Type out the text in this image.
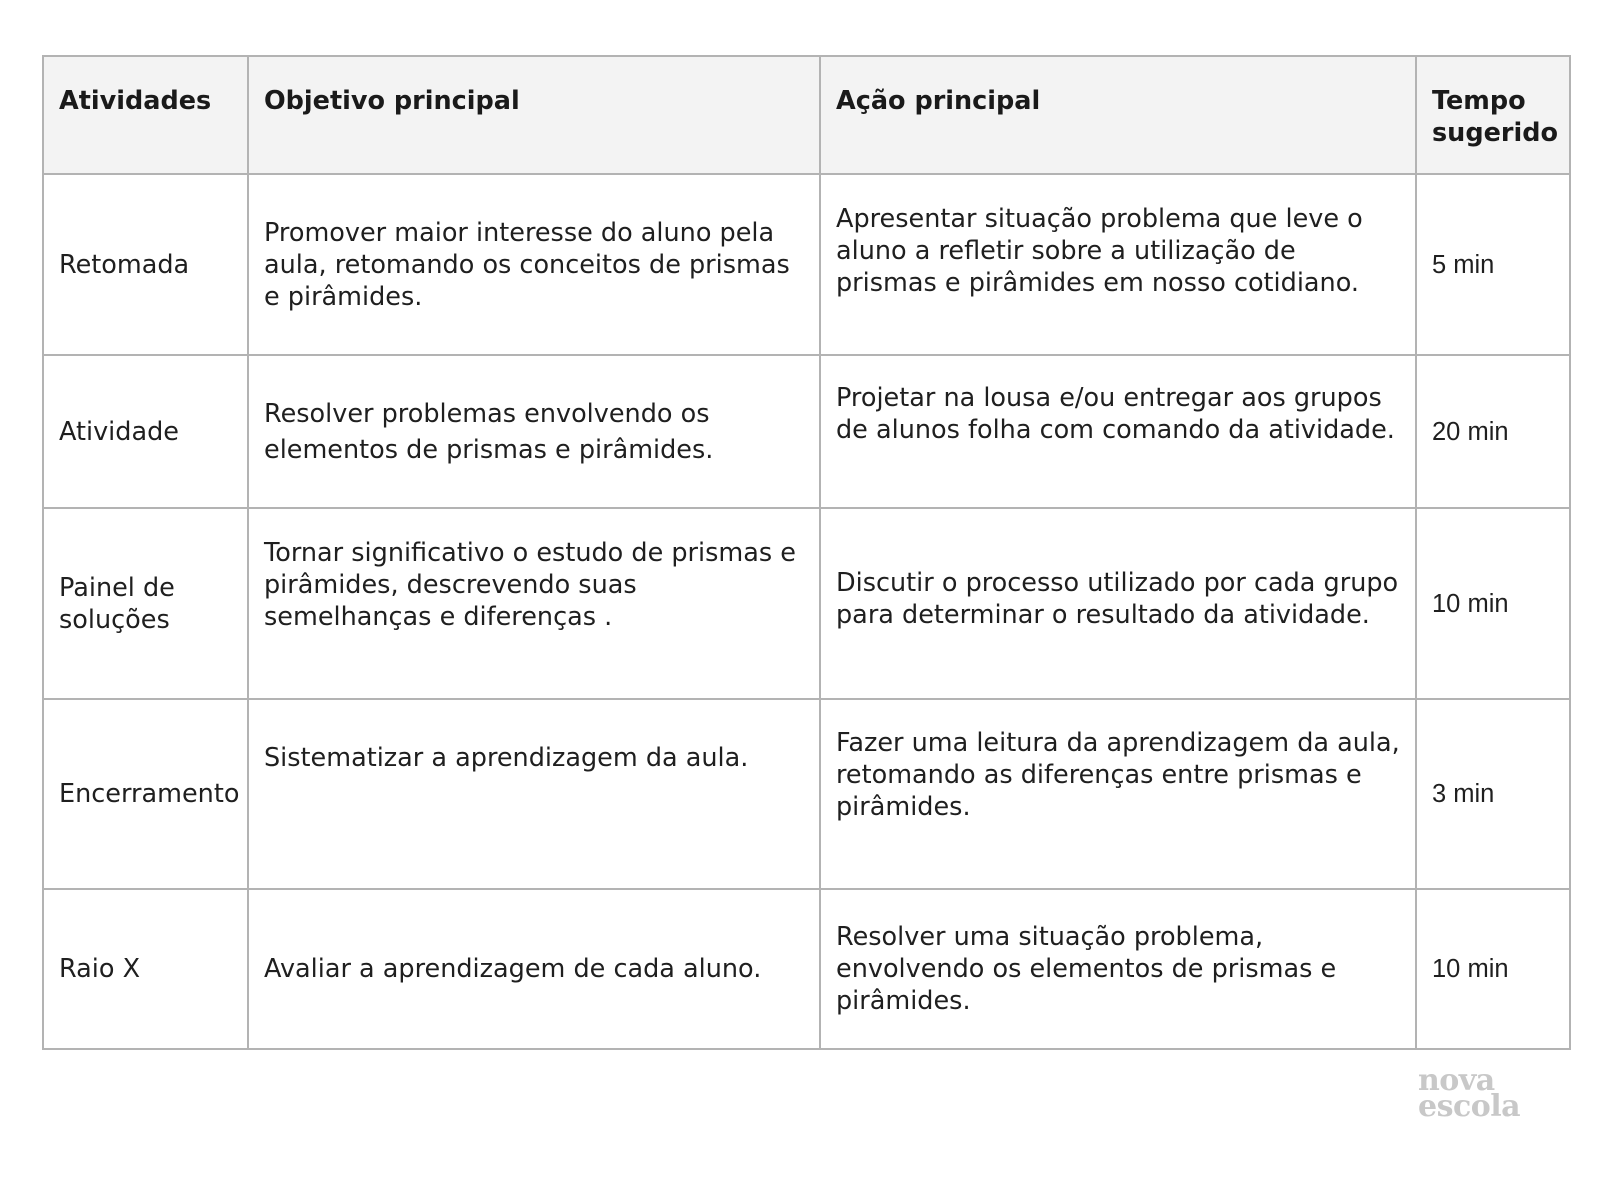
Atividades	Objetivo principal	Ação principal	Tempo
sugerido
Retomada	Promover maior interesse do aluno pela aula, retomando os conceitos de prismas e pirâmides.	Apresentar situação problema que leve o aluno a refletir sobre a utilização de prismas e pirâmides em nosso cotidiano.	5 min
Atividade	Resolver problemas envolvendo os elementos de prismas e pirâmides.	Projetar na lousa e/ou entregar aos grupos de alunos folha com comando da atividade.	20 min
Painel de soluções	Tornar significativo o estudo de prismas e pirâmides, descrevendo suas semelhanças e diferenças .	Discutir o processo utilizado por cada grupo para determinar o resultado da atividade.	10 min
Encerramento	Sistematizar a aprendizagem da aula.	Fazer uma leitura da aprendizagem da aula, retomando as diferenças entre prismas e pirâmides.	3 min
Raio X	Avaliar a aprendizagem de cada aluno.	Resolver uma situação problema, envolvendo os elementos de prismas e pirâmides.	10 min
nova
escola
